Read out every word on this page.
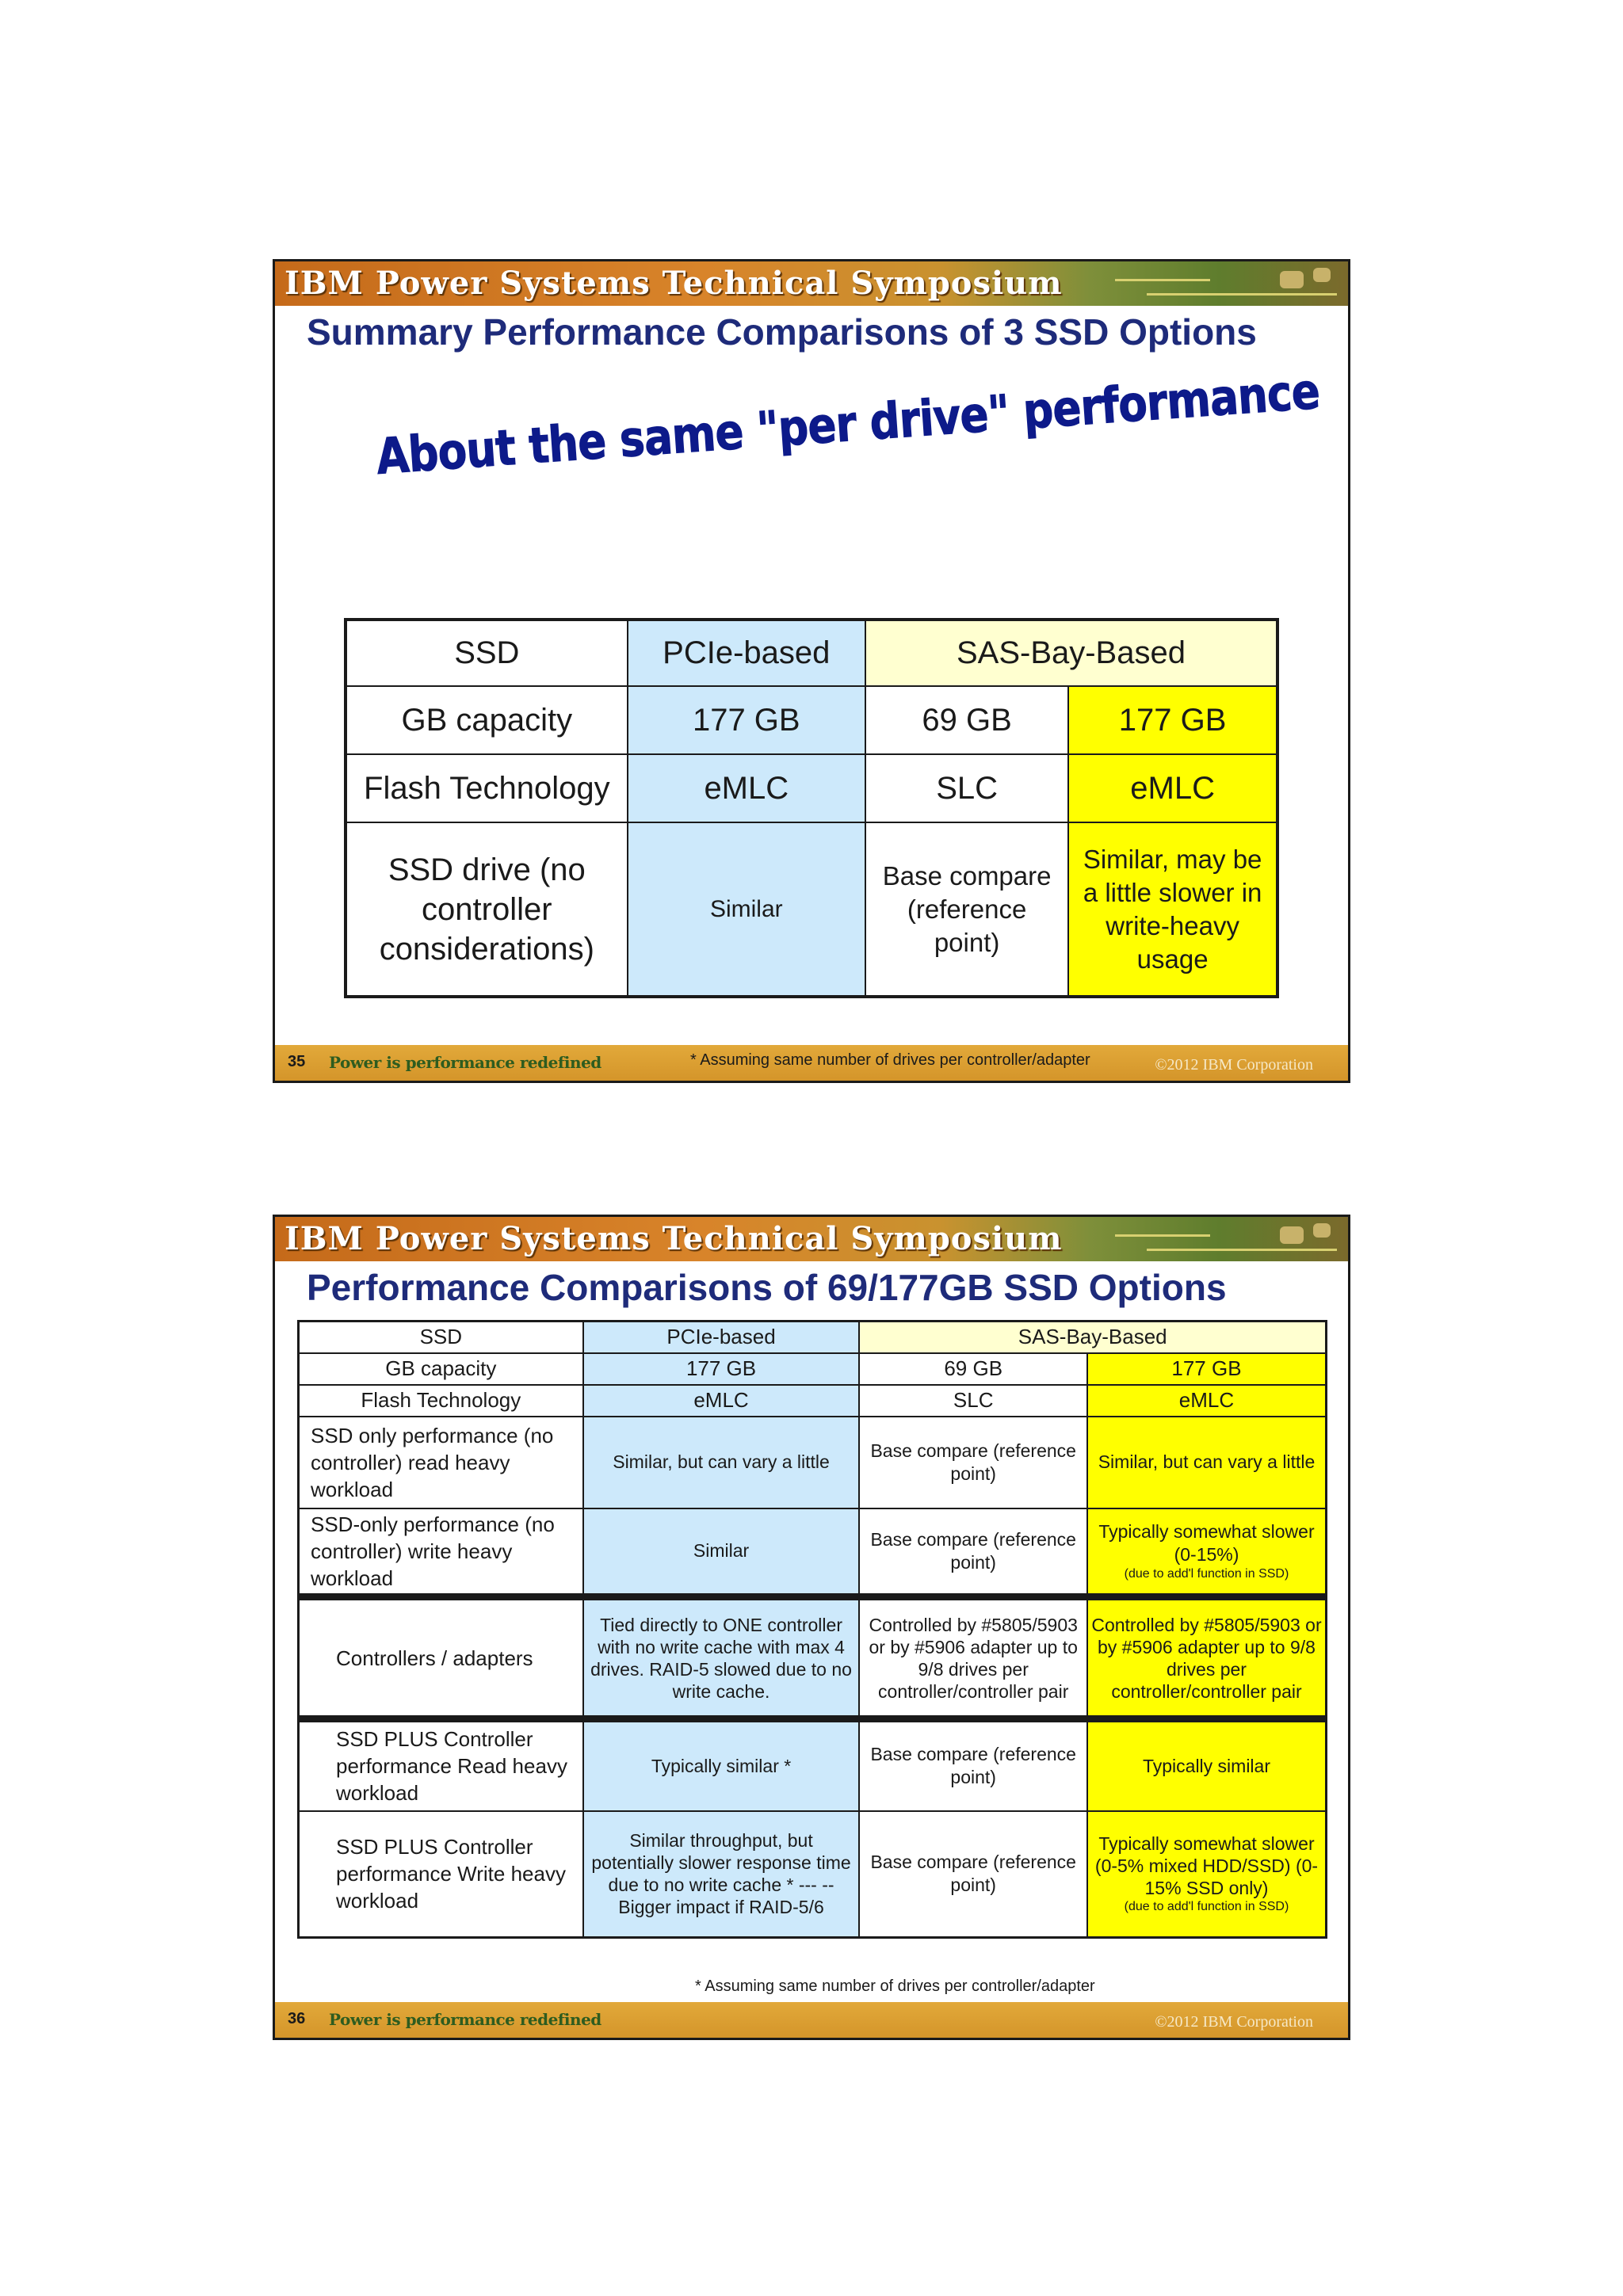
IBM Power Systems Technical Symposium
Summary Performance Comparisons of 3 SSD Options
About the same "per drive" performance
SSD	PCIe-based	SAS-Bay-Based	
GB capacity	177 GB	69 GB	177 GB
Flash Technology	eMLC	SLC	eMLC
SSD drive (no controller considerations)	Similar	Base compare (reference point)	Similar, may be a little slower in write-heavy usage
35 Power is performance redefined	* Assuming same number of drives per controller/adapter	©2012 IBM Corporation
IBM Power Systems Technical Symposium
Performance Comparisons of 69/177GB SSD Options
SSD	PCIe-based	SAS-Bay-Based	
GB capacity	177 GB	69 GB	177 GB
Flash Technology	eMLC	SLC	eMLC
SSD only performance (no controller) read heavy workload	Similar, but can vary a little	Base compare (reference point)	Similar, but can vary a little
SSD-only performance (no controller) write heavy workload	Similar	Base compare (reference point)	Typically somewhat slower (0-15%)
(due to add'l function in SSD)

Controllers / adapters	Tied directly to ONE controller with no write cache with max 4 drives. RAID-5 slowed due to no write cache.	Controlled by #5805/5903 or by #5906 adapter up to 9/8 drives per controller/controller pair	Controlled by #5805/5903 or by #5906 adapter up to 9/8 drives per controller/controller pair
SSD PLUS Controller performance Read heavy workload	Typically similar *	Base compare (reference point)	Typically similar
SSD PLUS Controller performance Write heavy workload	Similar throughput, but potentially slower response time due to no write cache * --- -- Bigger impact if RAID-5/6	Base compare (reference point)	Typically somewhat slower (0-5% mixed HDD/SSD) (0-15% SSD only)
(due to add'l function in SSD)
* Assuming same number of drives per controller/adapter
36 Power is performance redefined	©2012 IBM Corporation
